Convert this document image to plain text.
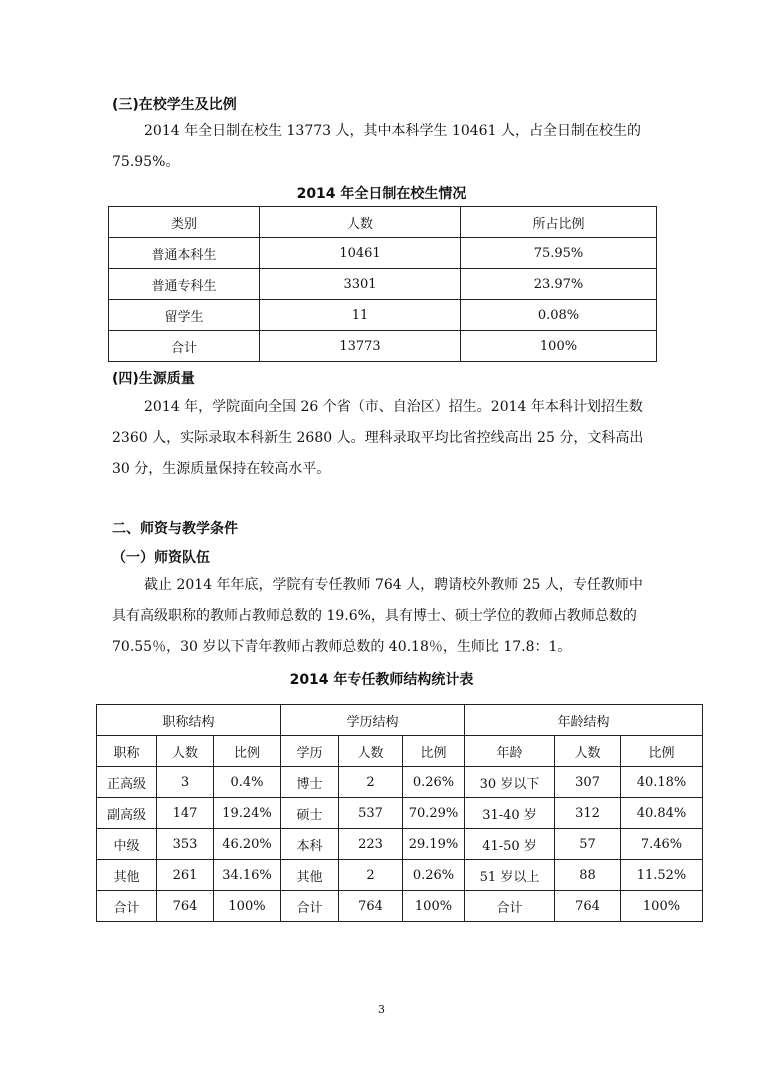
(三)在校学生及比例

2014 年全日制在校生 13773 人，其中本科学生 10461 人，占全日制在校生的 75.95%。

2014 年全日制在校生情况
类别	人数	所占比例
普通本科生	10461	75.95%
普通专科生	3301	23.97%
留学生	11	0.08%
合计	13773	100%
(四)生源质量

2014 年，学院面向全国 26 个省（市、自治区）招生。2014 年本科计划招生数 2360 人，实际录取本科新生 2680 人。理科录取平均比省控线高出 25 分，文科高出 30 分，生源质量保持在较高水平。

二、师资与教学条件
（一）师资队伍

截止 2014 年年底，学院有专任教师 764 人，聘请校外教师 25 人，专任教师中具有高级职称的教师占教师总数的 19.6%，具有博士、硕士学位的教师占教师总数的 70.55％，30 岁以下青年教师占教师总数的 40.18％，生师比 17.8：1。

2014 年专任教师结构统计表
职称结构			学历结构			年龄结构		
职称	人数	比例	学历	人数	比例	年龄	人数	比例
正高级	3	0.4%	博士	2	0.26%	30 岁以下	307	40.18%
副高级	147	19.24%	硕士	537	70.29%	31-40 岁	312	40.84%
中级	353	46.20%	本科	223	29.19%	41-50 岁	57	7.46%
其他	261	34.16%	其他	2	0.26%	51 岁以上	88	11.52%
合计	764	100%	合计	764	100%	合计	764	100%
3
